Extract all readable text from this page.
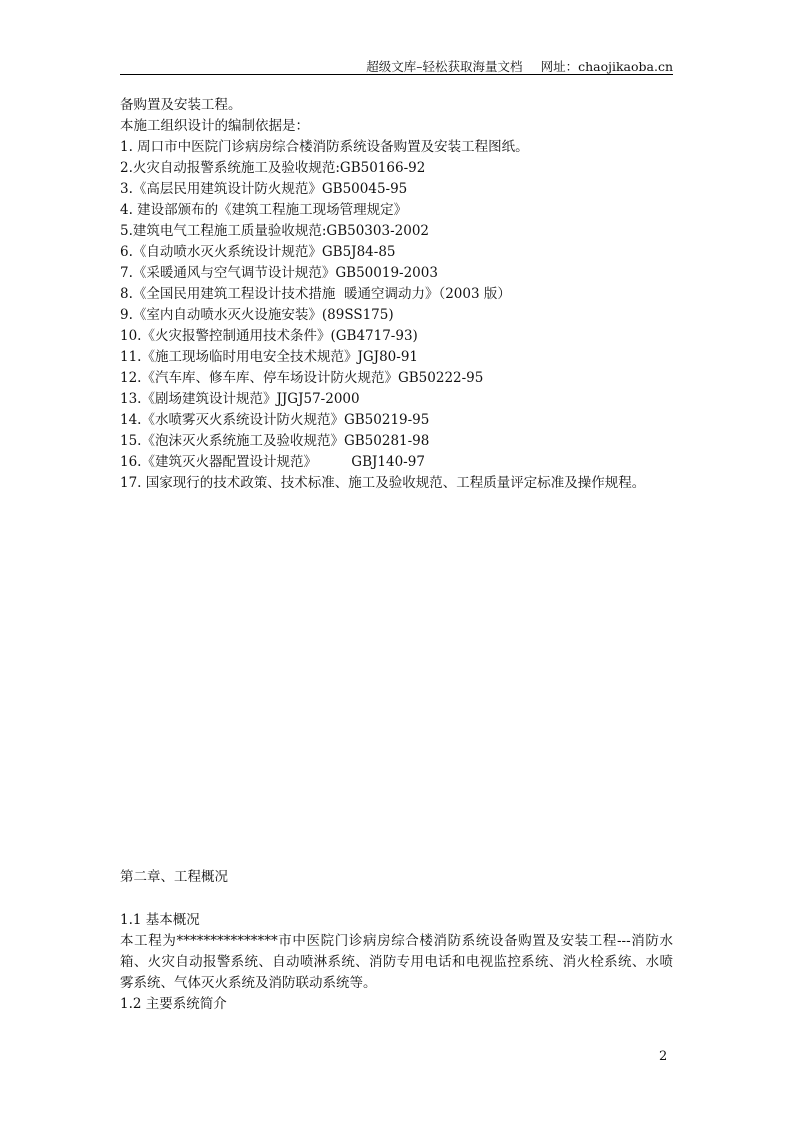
超级文库–轻松获取海量文档 网址：chaojikaoba.cn
备购置及安装工程。
本施工组织设计的编制依据是：
1. 周口市中医院门诊病房综合楼消防系统设备购置及安装工程图纸。
2.火灾自动报警系统施工及验收规范:GB50166-92
3.《高层民用建筑设计防火规范》GB50045-95
4. 建设部颁布的《建筑工程施工现场管理规定》
5.建筑电气工程施工质量验收规范:GB50303-2002
6.《自动喷水灭火系统设计规范》GB5J84-85
7.《采暖通风与空气调节设计规范》GB50019-2003
8.《全国民用建筑工程设计技术措施  暖通空调动力》（2003 版）
9.《室内自动喷水灭火设施安装》(89SS175)
10.《火灾报警控制通用技术条件》(GB4717-93)
11.《施工现场临时用电安全技术规范》JGJ80-91
12.《汽车库、修车库、停车场设计防火规范》GB50222-95
13.《剧场建筑设计规范》JJGJ57-2000
14.《水喷雾灭火系统设计防火规范》GB50219-95
15.《泡沫灭火系统施工及验收规范》GB50281-98
16.《建筑灭火器配置设计规范》        GBJ140-97
17. 国家现行的技术政策、技术标准、施工及验收规范、工程质量评定标准及操作规程。
第二章、工程概况
1.1 基本概况
本工程为***************市中医院门诊病房综合楼消防系统设备购置及安装工程---消防水
箱、火灾自动报警系统、自动喷淋系统、消防专用电话和电视监控系统、消火栓系统、水喷
雾系统、气体灭火系统及消防联动系统等。
1.2 主要系统简介
2
